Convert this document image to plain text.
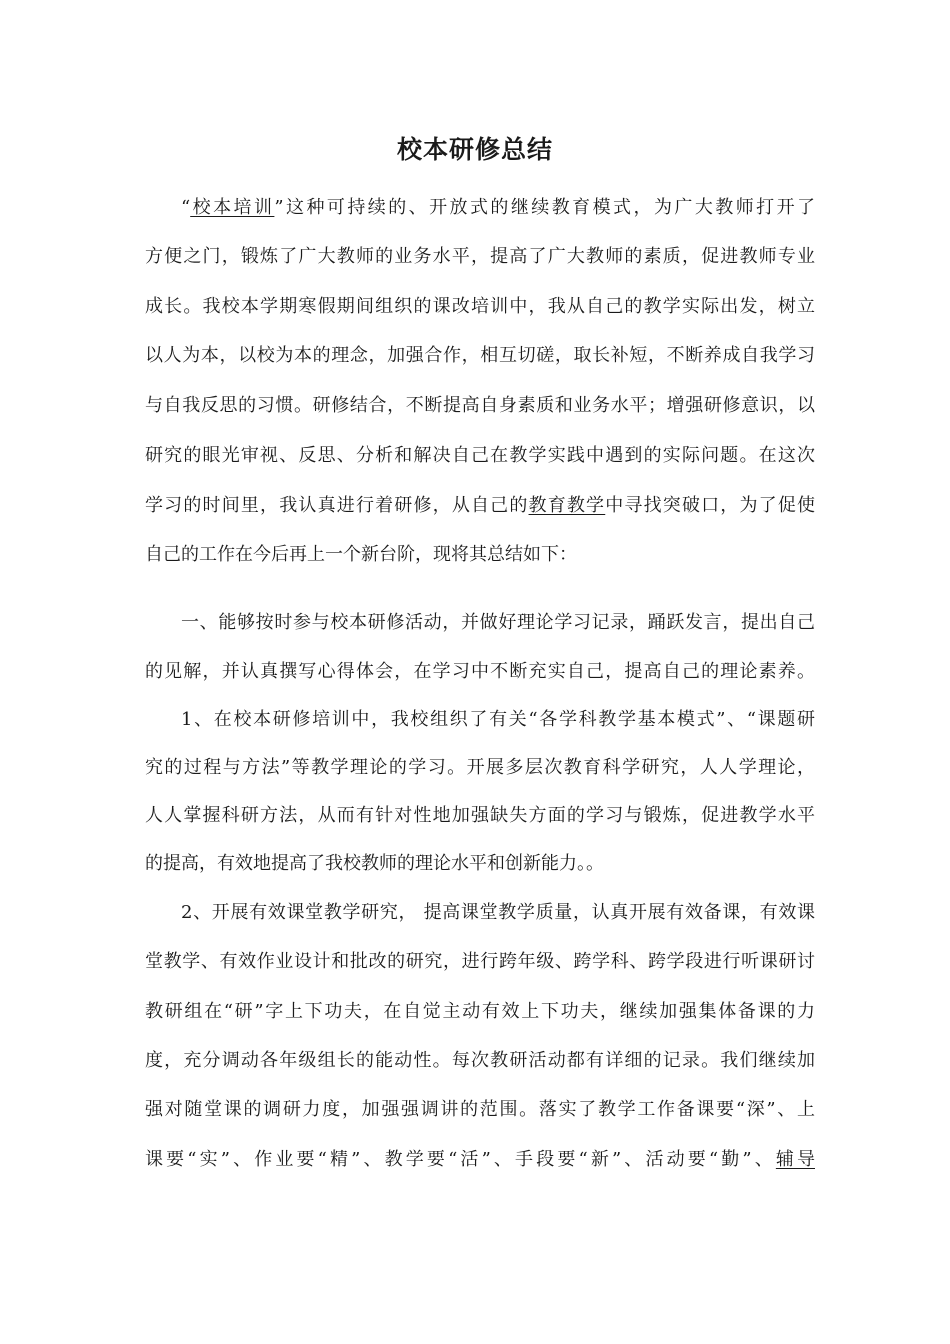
校本研修总结
“校本培训”这种可持续的、开放式的继续教育模式，为广大教师打开了
方便之门，锻炼了广大教师的业务水平，提高了广大教师的素质，促进教师专业
成长。我校本学期寒假期间组织的课改培训中，我从自己的教学实际出发，树立
以人为本，以校为本的理念，加强合作，相互切磋，取长补短，不断养成自我学习
与自我反思的习惯。研修结合，不断提高自身素质和业务水平；增强研修意识，以
研究的眼光审视、反思、分析和解决自己在教学实践中遇到的实际问题。在这次
学习的时间里，我认真进行着研修，从自己的教育教学中寻找突破口，为了促使
自己的工作在今后再上一个新台阶，现将其总结如下：
一、能够按时参与校本研修活动，并做好理论学习记录，踊跃发言，提出自己
的见解，并认真撰写心得体会，在学习中不断充实自己，提高自己的理论素养。
1、在校本研修培训中，我校组织了有关“各学科教学基本模式”、“课题研
究的过程与方法”等教学理论的学习。开展多层次教育科学研究，人人学理论，
人人掌握科研方法，从而有针对性地加强缺失方面的学习与锻炼，促进教学水平
的提高，有效地提高了我校教师的理论水平和创新能力。。
2、开展有效课堂教学研究， 提高课堂教学质量，认真开展有效备课，有效课
堂教学、有效作业设计和批改的研究，进行跨年级、跨学科、跨学段进行听课研讨
教研组在“研”字上下功夫，在自觉主动有效上下功夫，继续加强集体备课的力
度，充分调动各年级组长的能动性。每次教研活动都有详细的记录。我们继续加
强对随堂课的调研力度，加强强调讲的范围。落实了教学工作备课要“深”、上
课要“实”、作业要“精”、教学要“活”、手段要“新”、活动要“勤”、辅导
